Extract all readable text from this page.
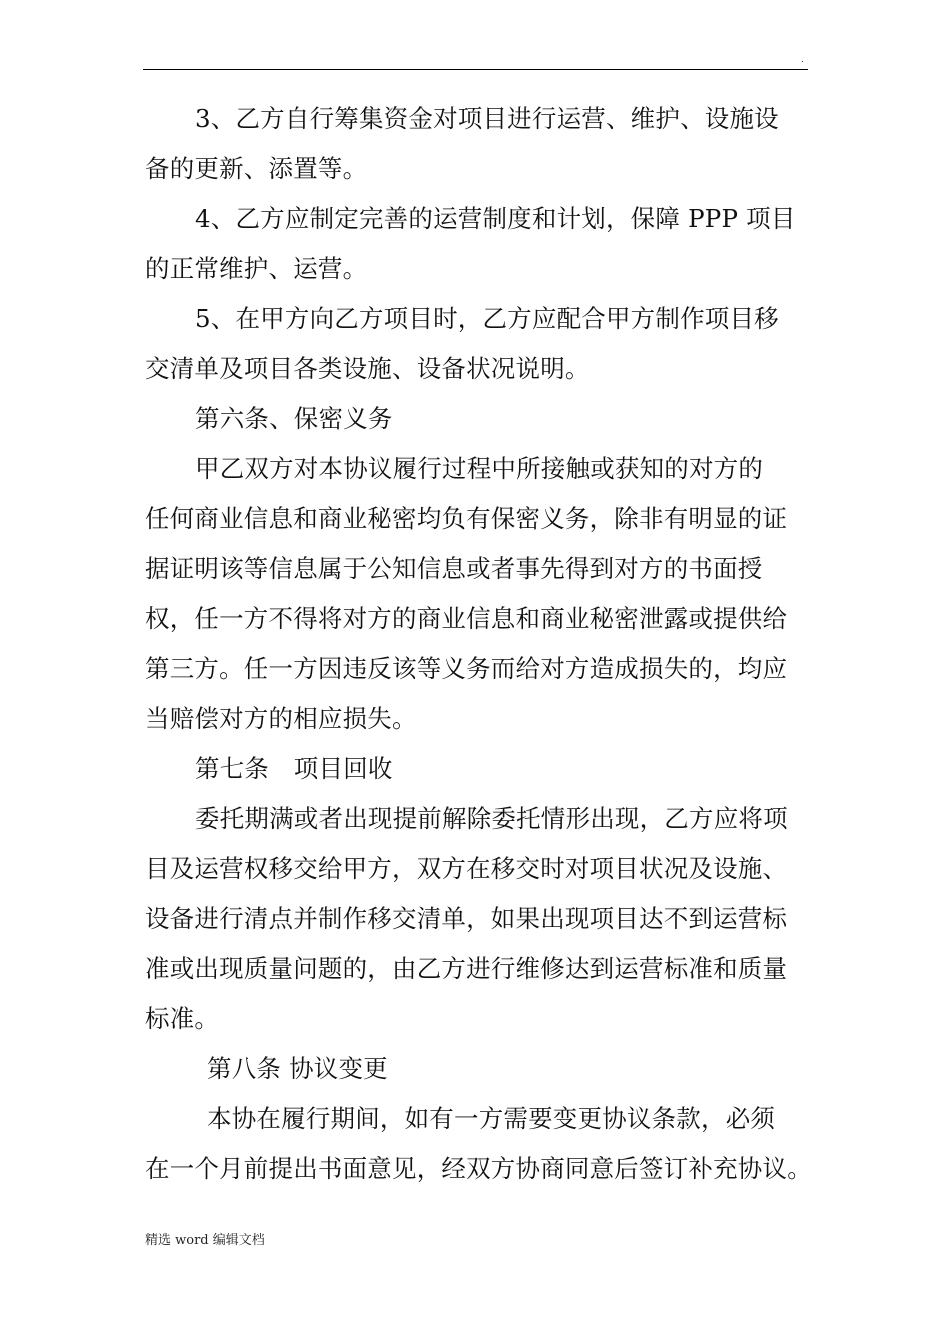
.
3、乙方自行筹集资金对项目进行运营、维护、设施设
备的更新、添置等。
4、乙方应制定完善的运营制度和计划，保障 PPP 项目
的正常维护、运营。
5、在甲方向乙方项目时，乙方应配合甲方制作项目移
交清单及项目各类设施、设备状况说明。
第六条、保密义务
甲乙双方对本协议履行过程中所接触或获知的对方的
任何商业信息和商业秘密均负有保密义务，除非有明显的证
据证明该等信息属于公知信息或者事先得到对方的书面授
权，任一方不得将对方的商业信息和商业秘密泄露或提供给
第三方。任一方因违反该等义务而给对方造成损失的，均应
当赔偿对方的相应损失。
第七条　项目回收
委托期满或者出现提前解除委托情形出现，乙方应将项
目及运营权移交给甲方，双方在移交时对项目状况及设施、
设备进行清点并制作移交清单，如果出现项目达不到运营标
准或出现质量问题的，由乙方进行维修达到运营标准和质量
标准。
第八条 协议变更
本协在履行期间，如有一方需要变更协议条款，必须
在一个月前提出书面意见，经双方协商同意后签订补充协议。
精选 word 编辑文档
